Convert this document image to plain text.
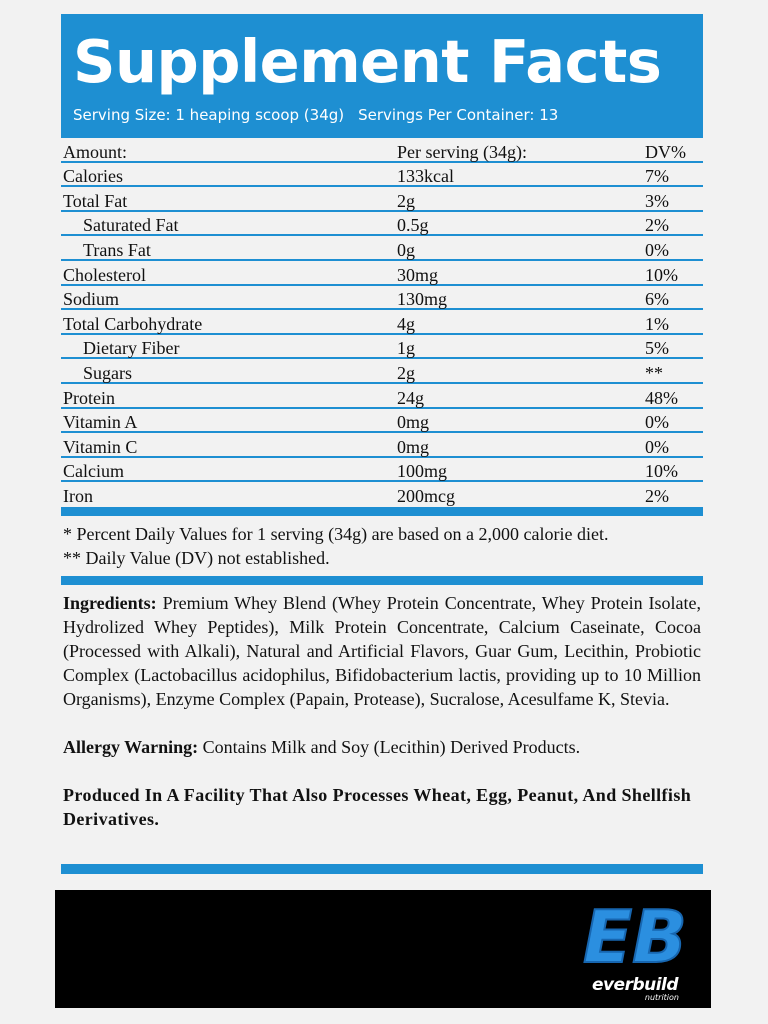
Supplement Facts
Serving Size: 1 heaping scoop (34g) Servings Per Container: 13
Amount:	Per serving (34g):	DV%
Calories	133kcal	7%
Total Fat	2g	3%
Saturated Fat	0.5g	2%
Trans Fat	0g	0%
Cholesterol	30mg	10%
Sodium	130mg	6%
Total Carbohydrate	4g	1%
Dietary Fiber	1g	5%
Sugars	2g	**
Protein	24g	48%
Vitamin A	0mg	0%
Vitamin C	0mg	0%
Calcium	100mg	10%
Iron	200mcg	2%
* Percent Daily Values for 1 serving (34g) are based on a 2,000 calorie diet.
** Daily Value (DV) not established.
Ingredients: Premium Whey Blend (Whey Protein Concentrate, Whey Protein Isolate, Hydrolized Whey Peptides), Milk Protein Concentrate, Calcium Caseinate, Cocoa (Processed with Alkali), Natural and Artificial Flavors, Guar Gum, Lecithin, Probiotic Complex (Lactobacillus acidophilus, Bifidobacterium lactis, providing up to 10 Million Organisms), Enzyme Complex (Papain, Protease), Sucralose, Acesulfame K, Stevia.
Allergy Warning: Contains Milk and Soy (Lecithin) Derived Products.
Produced In A Facility That Also Processes Wheat, Egg, Peanut, And Shellfish Derivatives.
EB
everbuild
nutrition
